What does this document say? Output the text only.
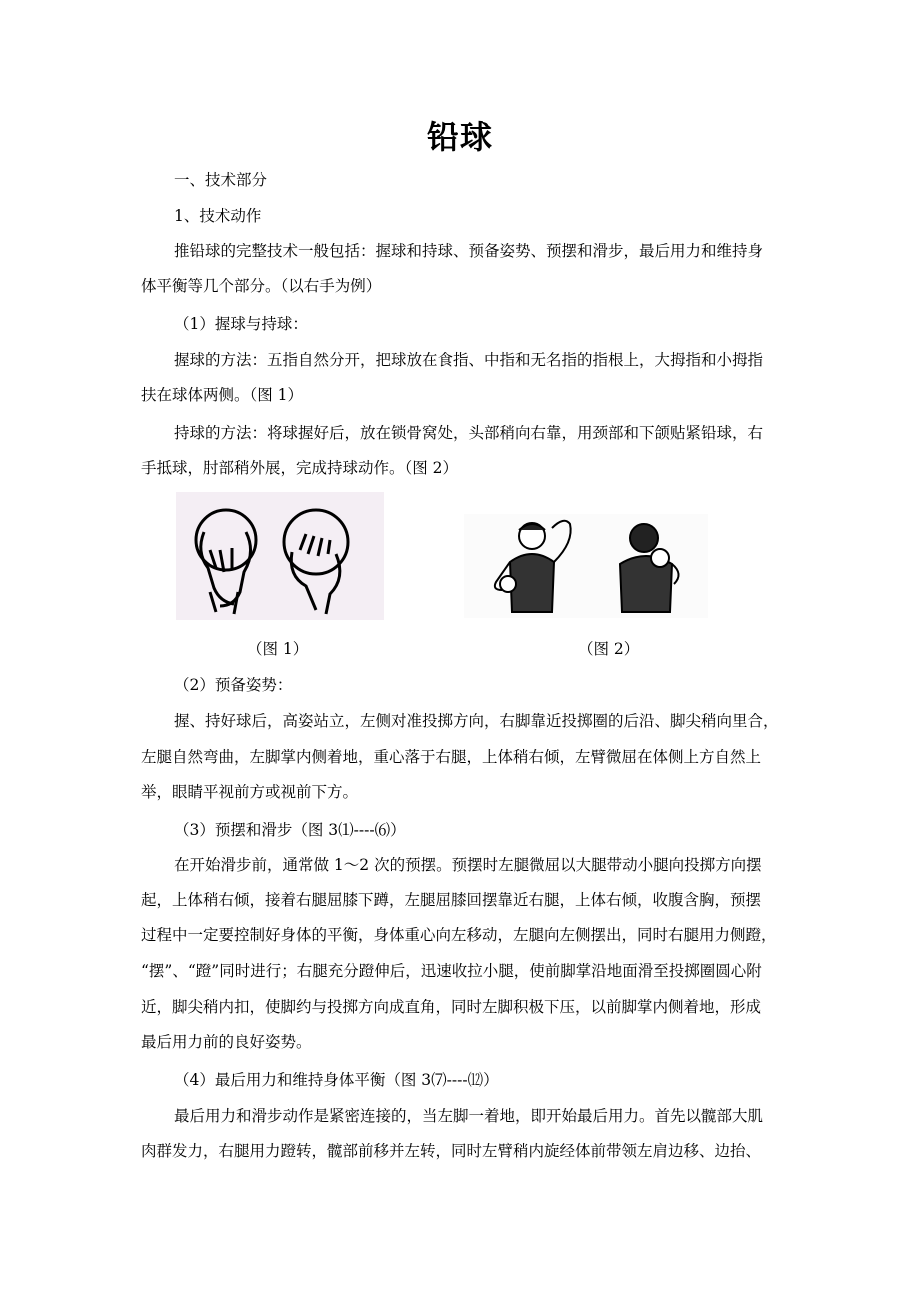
铅球
一、技术部分
1、技术动作
推铅球的完整技术一般包括：握球和持球、预备姿势、预摆和滑步，最后用力和维持身
体平衡等几个部分。（以右手为例）
（1）握球与持球：
握球的方法：五指自然分开，把球放在食指、中指和无名指的指根上，大拇指和小拇指
扶在球体两侧。（图 1）
持球的方法：将球握好后，放在锁骨窝处，头部稍向右靠，用颈部和下颌贴紧铅球，右
手抵球，肘部稍外展，完成持球动作。（图 2）
（图 1）	（图 2）
（2）预备姿势：
握、持好球后，高姿站立，左侧对准投掷方向，右脚靠近投掷圈的后沿、脚尖稍向里合，
左腿自然弯曲，左脚掌内侧着地，重心落于右腿，上体稍右倾，左臂微屈在体侧上方自然上
举，眼睛平视前方或视前下方。
（3）预摆和滑步（图 3⑴----⑹）
在开始滑步前，通常做 1～2 次的预摆。预摆时左腿微屈以大腿带动小腿向投掷方向摆
起，上体稍右倾，接着右腿屈膝下蹲，左腿屈膝回摆靠近右腿，上体右倾，收腹含胸，预摆
过程中一定要控制好身体的平衡，身体重心向左移动，左腿向左侧摆出，同时右腿用力侧蹬，
“摆”、“蹬”同时进行；右腿充分蹬伸后，迅速收拉小腿，使前脚掌沿地面滑至投掷圈圆心附
近，脚尖稍内扣，使脚约与投掷方向成直角，同时左脚积极下压，以前脚掌内侧着地，形成
最后用力前的良好姿势。
（4）最后用力和维持身体平衡（图 3⑺----⑿）
最后用力和滑步动作是紧密连接的，当左脚一着地，即开始最后用力。首先以髋部大肌
肉群发力，右腿用力蹬转，髋部前移并左转，同时左臂稍内旋经体前带领左肩边移、边抬、
